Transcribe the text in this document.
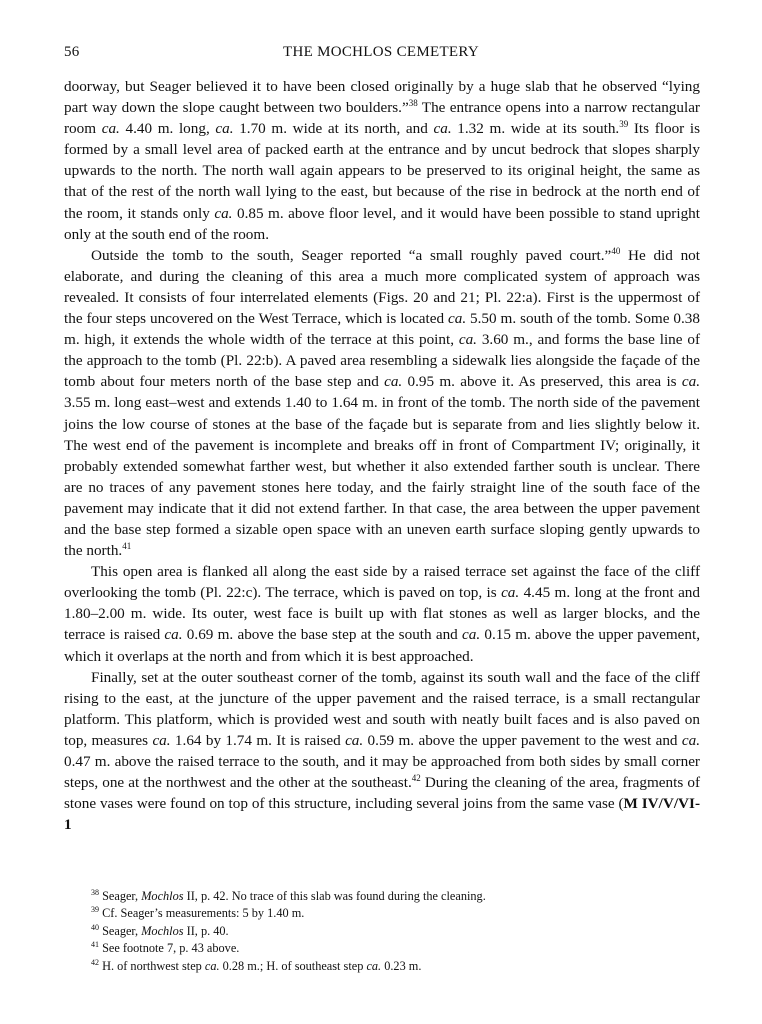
56	THE MOCHLOS CEMETERY

doorway, but Seager believed it to have been closed originally by a huge slab that he observed “lying part way down the slope caught between two boulders.”$^{38}$ The entrance opens into a narrow rectangular room ca. 4.40 m. long, ca. 1.70 m. wide at its north, and ca. 1.32 m. wide at its south.$^{39}$ Its floor is formed by a small level area of packed earth at the entrance and by uncut bedrock that slopes sharply upwards to the north. The north wall again appears to be preserved to its original height, the same as that of the rest of the north wall lying to the east, but because of the rise in bedrock at the north end of the room, it stands only ca. 0.85 m. above floor level, and it would have been possible to stand upright only at the south end of the room.

Outside the tomb to the south, Seager reported “a small roughly paved court.”$^{40}$ He did not elaborate, and during the cleaning of this area a much more complicated system of approach was revealed. It consists of four interrelated elements (Figs. 20 and 21; Pl. 22:a). First is the uppermost of the four steps uncovered on the West Terrace, which is located ca. 5.50 m. south of the tomb. Some 0.38 m. high, it extends the whole width of the terrace at this point, ca. 3.60 m., and forms the base line of the approach to the tomb (Pl. 22:b). A paved area resembling a sidewalk lies alongside the façade of the tomb about four meters north of the base step and ca. 0.95 m. above it. As preserved, this area is ca. 3.55 m. long east–west and extends 1.40 to 1.64 m. in front of the tomb. The north side of the pavement joins the low course of stones at the base of the façade but is separate from and lies slightly below it. The west end of the pavement is incomplete and breaks off in front of Compartment IV; originally, it probably extended somewhat farther west, but whether it also extended farther south is unclear. There are no traces of any pavement stones here today, and the fairly straight line of the south face of the pavement may indicate that it did not extend farther. In that case, the area between the upper pavement and the base step formed a sizable open space with an uneven earth surface sloping gently upwards to the north.$^{41}$

This open area is flanked all along the east side by a raised terrace set against the face of the cliff overlooking the tomb (Pl. 22:c). The terrace, which is paved on top, is ca. 4.45 m. long at the front and 1.80–2.00 m. wide. Its outer, west face is built up with flat stones as well as larger blocks, and the terrace is raised ca. 0.69 m. above the base step at the south and ca. 0.15 m. above the upper pavement, which it overlaps at the north and from which it is best approached.

Finally, set at the outer southeast corner of the tomb, against its south wall and the face of the cliff rising to the east, at the juncture of the upper pavement and the raised terrace, is a small rectangular platform. This platform, which is provided west and south with neatly built faces and is also paved on top, measures ca. 1.64 by 1.74 m. It is raised ca. 0.59 m. above the upper pavement to the west and ca. 0.47 m. above the raised terrace to the south, and it may be approached from both sides by small corner steps, one at the northwest and the other at the southeast.$^{42}$ During the cleaning of the area, fragments of stone vases were found on top of this structure, including several joins from the same vase (M IV/V/VI-1

$^{38}$ Seager, Mochlos II, p. 42. No trace of this slab was found during the cleaning.
$^{39}$ Cf. Seager’s measurements: 5 by 1.40 m.
$^{40}$ Seager, Mochlos II, p. 40.
$^{41}$ See footnote 7, p. 43 above.
$^{42}$ H. of northwest step ca. 0.28 m.; H. of southeast step ca. 0.23 m.
